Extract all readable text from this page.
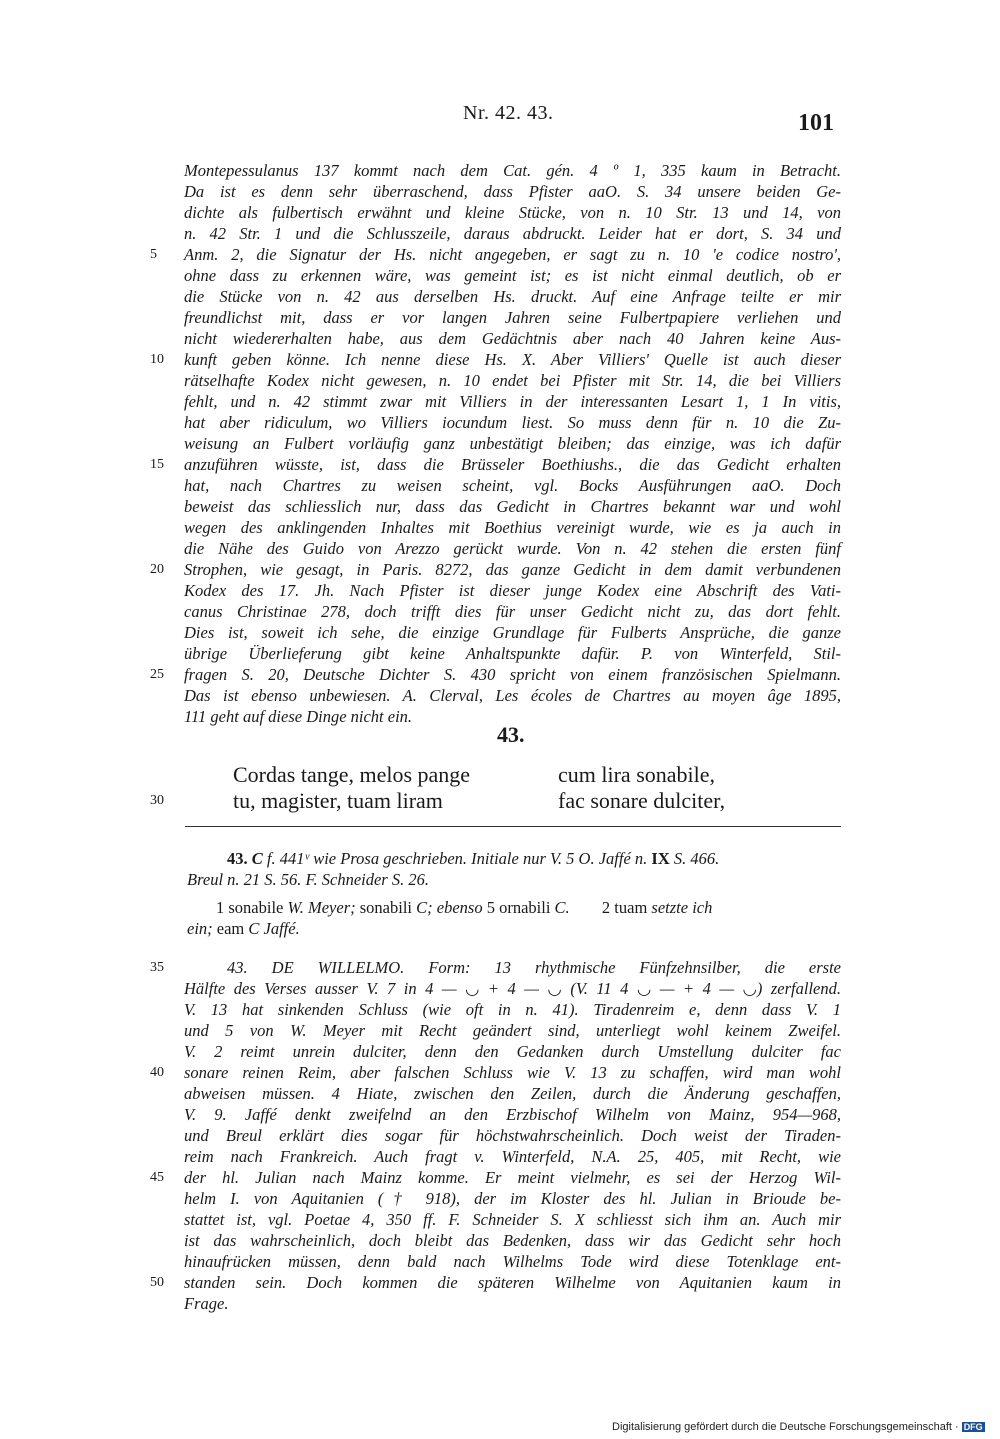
Nr. 42. 43.	101
Montepessulanus 137 kommt nach dem Cat. gén. 4 º 1, 335 kaum in Betracht.
Da ist es denn sehr überraschend, dass Pfister aaO. S. 34 unsere beiden Ge-
dichte als fulbertisch erwähnt und kleine Stücke, von n. 10 Str. 13 und 14, von
n. 42 Str. 1 und die Schlusszeile, daraus abdruckt. Leider hat er dort, S. 34 und
Anm. 2, die Signatur der Hs. nicht angegeben, er sagt zu n. 10 'e codice nostro',
ohne dass zu erkennen wäre, was gemeint ist; es ist nicht einmal deutlich, ob er
die Stücke von n. 42 aus derselben Hs. druckt. Auf eine Anfrage teilte er mir
freundlichst mit, dass er vor langen Jahren seine Fulbertpapiere verliehen und
nicht wiedererhalten habe, aus dem Gedächtnis aber nach 40 Jahren keine Aus-
kunft geben könne. Ich nenne diese Hs. X. Aber Villiers' Quelle ist auch dieser
rätselhafte Kodex nicht gewesen, n. 10 endet bei Pfister mit Str. 14, die bei Villiers
fehlt, und n. 42 stimmt zwar mit Villiers in der interessanten Lesart 1, 1 In vitis,
hat aber ridiculum, wo Villiers iocundum liest. So muss denn für n. 10 die Zu-
weisung an Fulbert vorläufig ganz unbestätigt bleiben; das einzige, was ich dafür
anzuführen wüsste, ist, dass die Brüsseler Boethiushs., die das Gedicht erhalten
hat, nach Chartres zu weisen scheint, vgl. Bocks Ausführungen aaO. Doch
beweist das schliesslich nur, dass das Gedicht in Chartres bekannt war und wohl
wegen des anklingenden Inhaltes mit Boethius vereinigt wurde, wie es ja auch in
die Nähe des Guido von Arezzo gerückt wurde. Von n. 42 stehen die ersten fünf
Strophen, wie gesagt, in Paris. 8272, das ganze Gedicht in dem damit verbundenen
Kodex des 17. Jh. Nach Pfister ist dieser junge Kodex eine Abschrift des Vati-
canus Christinae 278, doch trifft dies für unser Gedicht nicht zu, das dort fehlt.
Dies ist, soweit ich sehe, die einzige Grundlage für Fulberts Ansprüche, die ganze
übrige Überlieferung gibt keine Anhaltspunkte dafür. P. von Winterfeld, Stil-
fragen S. 20, Deutsche Dichter S. 430 spricht von einem französischen Spielmann.
Das ist ebenso unbewiesen. A. Clerval, Les écoles de Chartres au moyen âge 1895,
111 geht auf diese Dinge nicht ein.
5
10
15
20
25
43.
Cordas tange, melos pange	cum lira sonabile,
tu, magister, tuam liram	fac sonare dulciter,
30
43. C f. 441ᵛ wie Prosa geschrieben. Initiale nur V. 5 O. Jaffé n. IX S. 466.
Breul n. 21 S. 56. F. Schneider S. 26.
1 sonabile W. Meyer; sonabili C; ebenso 5 ornabili C. 2 tuam setzte ich
ein; eam C Jaffé.
43. DE WILLELMO. Form: 13 rhythmische Fünfzehnsilber, die erste
Hälfte des Verses ausser V. 7 in 4 — ◡ + 4 — ◡ (V. 11 4 ◡ — + 4 — ◡) zerfallend.
V. 13 hat sinkenden Schluss (wie oft in n. 41). Tiradenreim e, denn dass V. 1
und 5 von W. Meyer mit Recht geändert sind, unterliegt wohl keinem Zweifel.
V. 2 reimt unrein dulciter, denn den Gedanken durch Umstellung dulciter fac
sonare reinen Reim, aber falschen Schluss wie V. 13 zu schaffen, wird man wohl
abweisen müssen. 4 Hiate, zwischen den Zeilen, durch die Änderung geschaffen,
V. 9. Jaffé denkt zweifelnd an den Erzbischof Wilhelm von Mainz, 954—968,
und Breul erklärt dies sogar für höchstwahrscheinlich. Doch weist der Tiraden-
reim nach Frankreich. Auch fragt v. Winterfeld, N.A. 25, 405, mit Recht, wie
der hl. Julian nach Mainz komme. Er meint vielmehr, es sei der Herzog Wil-
helm I. von Aquitanien († 918), der im Kloster des hl. Julian in Brioude be-
stattet ist, vgl. Poetae 4, 350 ff. F. Schneider S. X schliesst sich ihm an. Auch mir
ist das wahrscheinlich, doch bleibt das Bedenken, dass wir das Gedicht sehr hoch
hinaufrücken müssen, denn bald nach Wilhelms Tode wird diese Totenklage ent-
standen sein. Doch kommen die späteren Wilhelme von Aquitanien kaum in
Frage.
35
40
45
50
Digitalisierung gefördert durch die Deutsche Forschungsgemeinschaft · DFG
